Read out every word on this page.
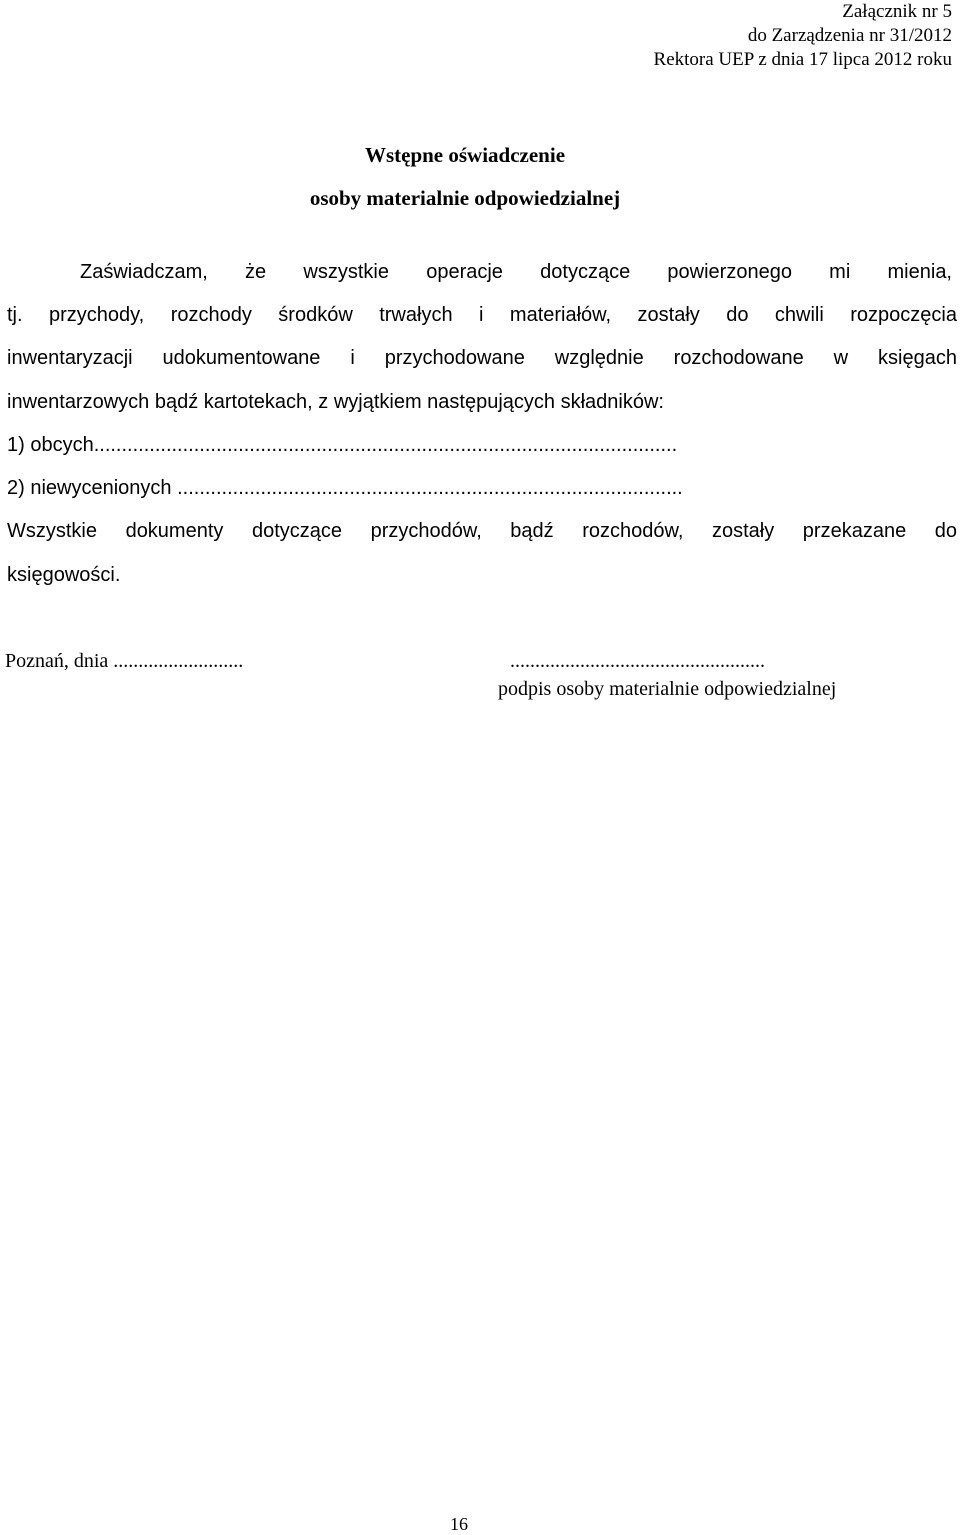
Załącznik nr 5
do Zarządzenia nr 31/2012
Rektora UEP z dnia 17 lipca 2012 roku
Wstępne oświadczenie
osoby materialnie odpowiedzialnej
Zaświadczam, że wszystkie operacje dotyczące powierzonego mi mienia,
tj. przychody, rozchody środków trwałych i materiałów, zostały do chwili rozpoczęcia
inwentaryzacji udokumentowane i przychodowane względnie rozchodowane w księgach
inwentarzowych bądź kartotekach, z wyjątkiem następujących składników:
1) obcych.........................................................................................................
2) niewycenionych ...........................................................................................
Wszystkie dokumenty dotyczące przychodów, bądź rozchodów, zostały przekazane do
księgowości.
Poznań, dnia ..........................	...................................................
podpis osoby materialnie odpowiedzialnej
16
